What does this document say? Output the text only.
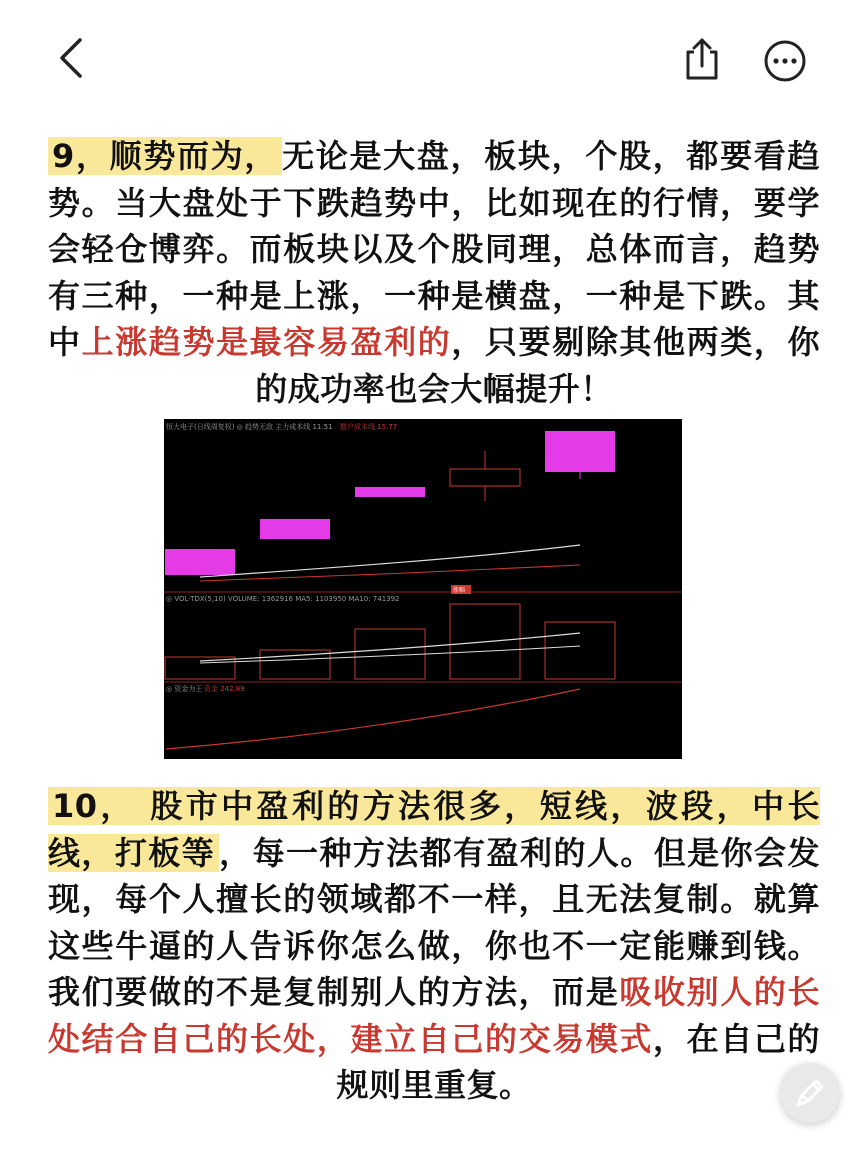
9，顺势而为， 无论是大盘，板块，个股，都要看趋势。当大盘处于下跌趋势中，比如现在的行情，要学会轻仓博弈。而板块以及个股同理，总体而言，趋势有三种，一种是上涨，一种是横盘，一种是下跌。其中上涨趋势是最容易盈利的，只要剔除其他两类，你的成功率也会大幅提升！
恒大电子(日线周复权) ◎ 趋势无敌 主力成本线 11.51 散户成本线 15.77
涨幅
◎ VOL-TDX(5,10) VOLUME: 1362916 MA5: 1103950 MA10: 741392
◎ 资金为王 资金 242.89
10， 股市中盈利的方法很多，短线，波段，中长线，打板等 ，每一种方法都有盈利的人。但是你会发现，每个人擅长的领域都不一样，且无法复制。就算这些牛逼的人告诉你怎么做，你也不一定能赚到钱。我们要做的不是复制别人的方法，而是吸收别人的长处结合自己的长处，建立自己的交易模式，在自己的规则里重复。
头条 @股海观潮
